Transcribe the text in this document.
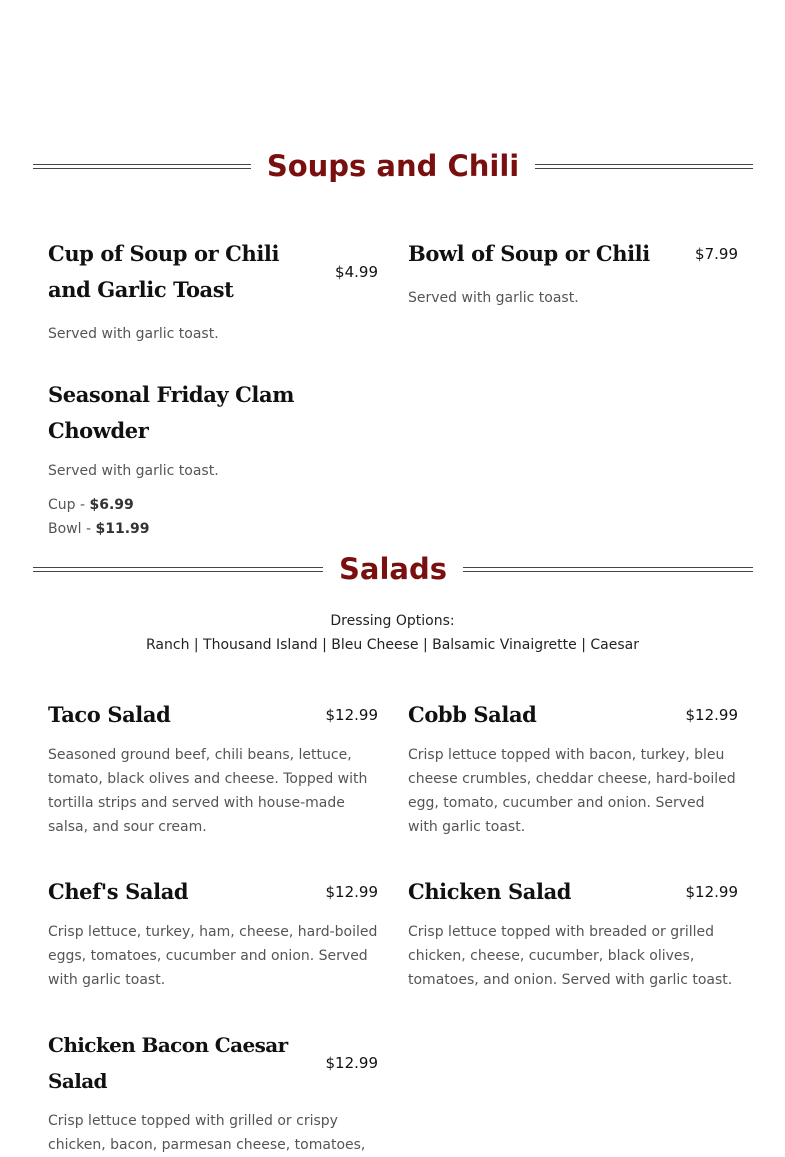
Soups and Chili
Cup of Soup or Chili and Garlic Toast
$4.99
Served with garlic toast.
Bowl of Soup or Chili	$7.99
Served with garlic toast.
Seasonal Friday Clam Chowder
Served with garlic toast.
Cup - $6.99
Bowl - $11.99
Salads
Dressing Options:
Ranch | Thousand Island | Bleu Cheese | Balsamic Vinaigrette | Caesar
Taco Salad	$12.99
Seasoned ground beef, chili beans, lettuce, tomato, black olives and cheese. Topped with tortilla strips and served with house-made salsa, and sour cream.
Cobb Salad	$12.99
Crisp lettuce topped with bacon, turkey, bleu cheese crumbles, cheddar cheese, hard-boiled egg, tomato, cucumber and onion. Served with garlic toast.
Chef's Salad	$12.99
Crisp lettuce, turkey, ham, cheese, hard-boiled eggs, tomatoes, cucumber and onion. Served with garlic toast.
Chicken Salad	$12.99
Crisp lettuce topped with breaded or grilled chicken, cheese, cucumber, black olives, tomatoes, and onion. Served with garlic toast.
Chicken Bacon Caesar Salad
$12.99
Crisp lettuce topped with grilled or crispy chicken, bacon, parmesan cheese, tomatoes,
